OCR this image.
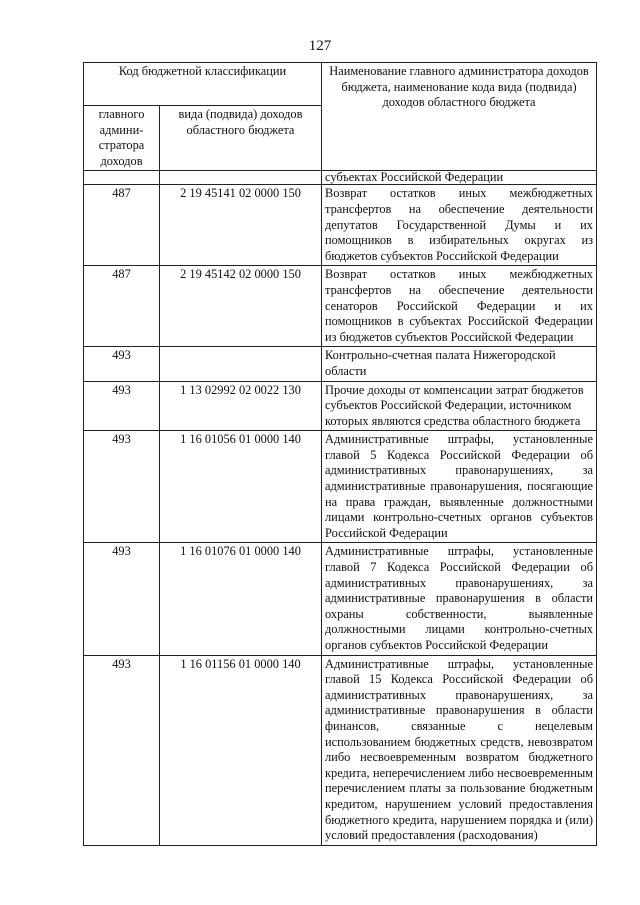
127
Код бюджетной классификации		Наименование главного администратора доходов бюджета, наименование кода вида (подвида) доходов областного бюджета
главного админи-стратора доходов	вида (подвида) доходов областного бюджета	
		субъектах Российской Федерации
487	2 19 45141 02 0000 150	Возврат остатков иных межбюджетных трансфертов на обеспечение деятельности депутатов Государственной Думы и их помощников в избирательных округах из бюджетов субъектов Российской Федерации
487	2 19 45142 02 0000 150	Возврат остатков иных межбюджетных трансфертов на обеспечение деятельности сенаторов Российской Федерации и их помощников в субъектах Российской Федерации из бюджетов субъектов Российской Федерации
493		Контрольно-счетная палата Нижегородской области
493	1 13 02992 02 0022 130	Прочие доходы от компенсации затрат бюджетов субъектов Российской Федерации, источником которых являются средства областного бюджета
493	1 16 01056 01 0000 140	Административные штрафы, установленные главой 5 Кодекса Российской Федерации об административных правонарушениях, за административные правонарушения, посягающие на права граждан, выявленные должностными лицами контрольно-счетных органов субъектов Российской Федерации
493	1 16 01076 01 0000 140	Административные штрафы, установленные главой 7 Кодекса Российской Федерации об административных правонарушениях, за административные правонарушения в области охраны собственности, выявленные должностными лицами контрольно-счетных органов субъектов Российской Федерации
493	1 16 01156 01 0000 140	Административные штрафы, установленные главой 15 Кодекса Российской Федерации об административных правонарушениях, за административные правонарушения в области финансов, связанные с нецелевым использованием бюджетных средств, невозвратом либо несвоевременным возвратом бюджетного кредита, неперечислением либо несвоевременным перечислением платы за пользование бюджетным кредитом, нарушением условий предоставления бюджетного кредита, нарушением порядка и (или) условий предоставления (расходования)
